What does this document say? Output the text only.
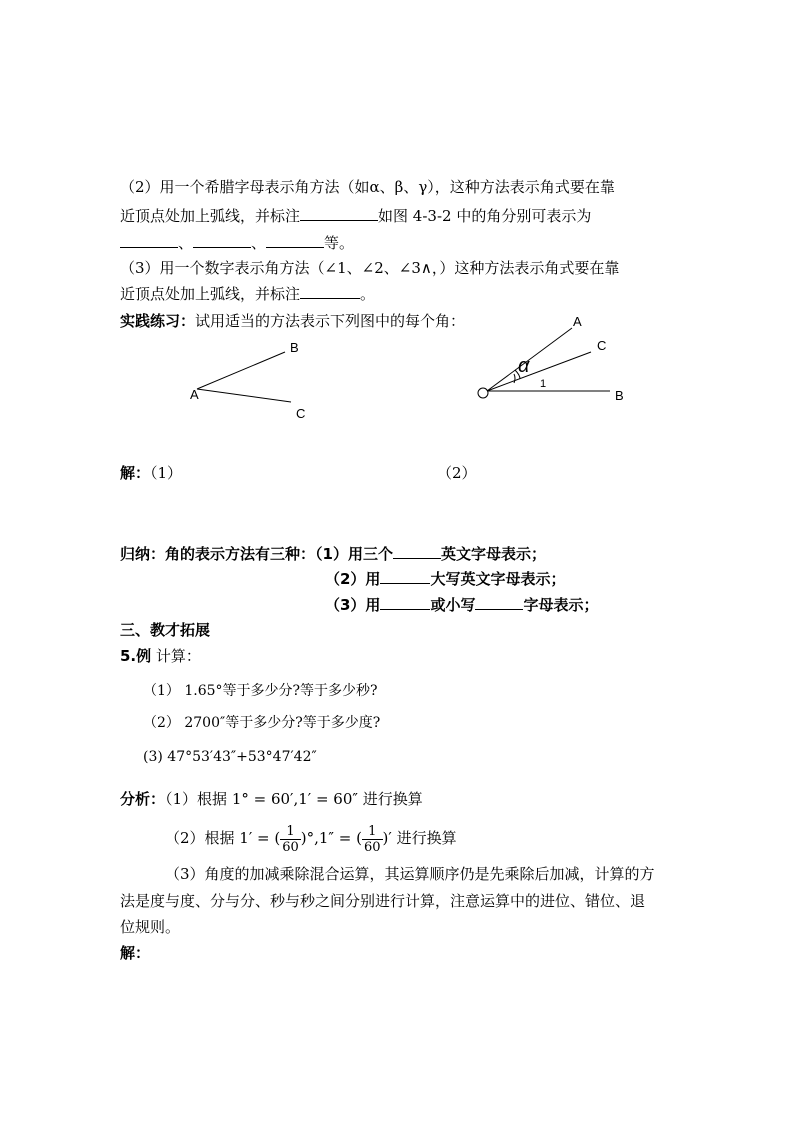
（2）用一个希腊字母表示角方法（如α、β、γ），这种方法表示角式要在靠
近顶点处加上弧线，并标注	如图 4-3-2 中的角分别可表示为
、	、	等。
（3）用一个数字表示角方法（∠1、∠2、∠3∧，）这种方法表示角式要在靠
近顶点处加上弧线，并标注	。
实践练习：试用适当的方法表示下列图中的每个角：
A
B
C
A
C
B
α
1
解：（1）	（2）
归纳：角的表示方法有三种：（1）用三个	英文字母表示；
（2）用	大写英文字母表示；
（3）用	或小写	字母表示；
三、教才拓展
5.例 计算：
（1） 1.65°等于多少分?等于多少秒?
（2） 2700″等于多少分?等于多少度?
(3) 47°53′43″+53°47′42″
分析：（1）根据 1° = 60′,1′ = 60″ 进行换算
（2）根据 1′ = ( $\frac{1}{60} )^\circ,1''$ = ( $\frac{1}{60}$ )′ 进行换算
（3）角度的加减乘除混合运算，其运算顺序仍是先乘除后加减，计算的方
法是度与度、分与分、秒与秒之间分别进行计算，注意运算中的进位、错位、退
位规则。
解：
